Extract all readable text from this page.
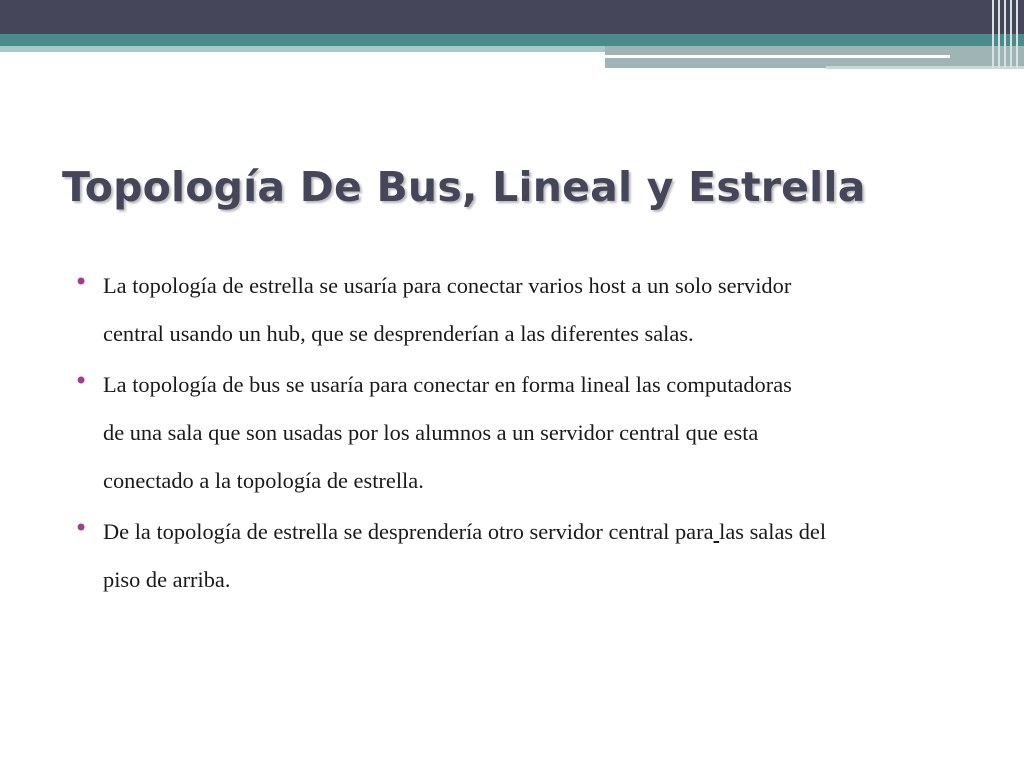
Topología De Bus, Lineal y Estrella
• La topología de estrella se usaría para conectar varios host a un solo servidor
central usando un hub, que se desprenderían a las diferentes salas.
• La topología de bus se usaría para conectar en forma lineal las computadoras
de una sala que son usadas por los alumnos a un servidor central que esta
conectado a la topología de estrella.
• De la topología de estrella se desprendería otro servidor central para las salas del
piso de arriba.
